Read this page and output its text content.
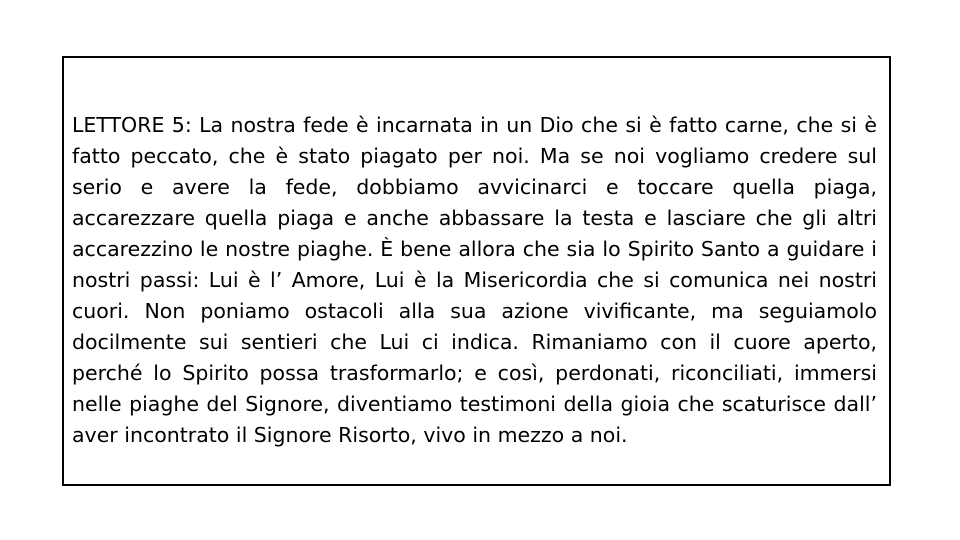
LETTORE 5: La nostra fede è incarnata in un Dio che si è fatto carne, che si è fatto peccato, che è stato piagato per noi. Ma se noi vogliamo credere sul serio e avere la fede, dobbiamo avvicinarci e toccare quella piaga, accarezzare quella piaga e anche abbassare la testa e lasciare che gli altri accarezzino le nostre piaghe. È bene allora che sia lo Spirito Santo a guidare i nostri passi: Lui è l’ Amore, Lui è la Misericordia che si comunica nei nostri cuori. Non poniamo ostacoli alla sua azione vivificante, ma seguiamolo docilmente sui sentieri che Lui ci indica. Rimaniamo con il cuore aperto, perché lo Spirito possa trasformarlo; e così, perdonati, riconciliati, immersi nelle piaghe del Signore, diventiamo testimoni della gioia che scaturisce dall’ aver incontrato il Signore Risorto, vivo in mezzo a noi.
